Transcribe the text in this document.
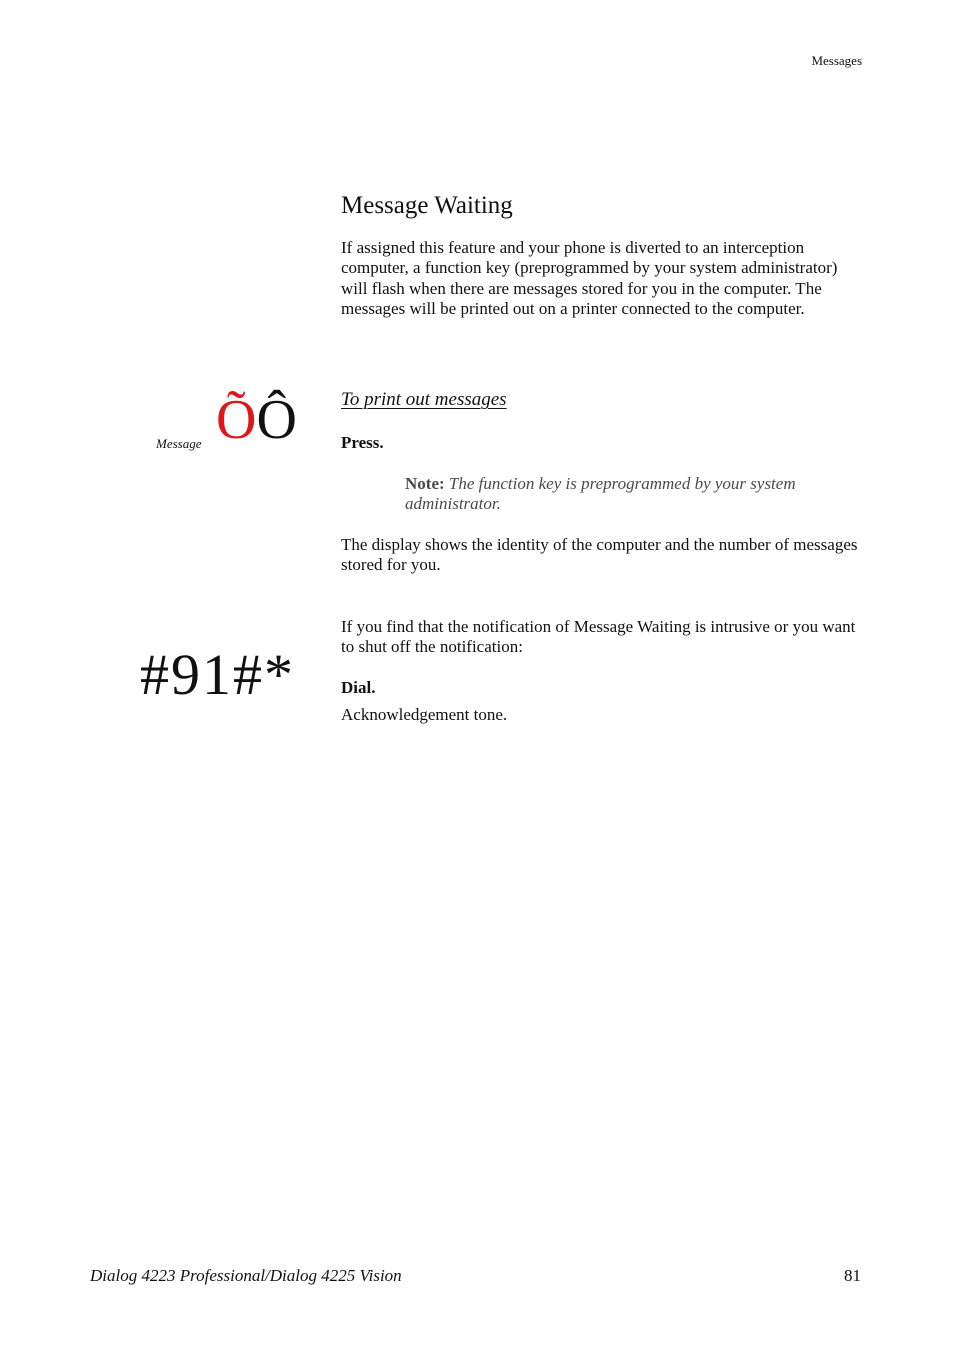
Messages
Message Waiting

If assigned this feature and your phone is diverted to an interception computer, a function key (preprogrammed by your system administrator) will flash when there are messages stored for you in the computer. The messages will be printed out on a printer connected to the computer.

To print out messages
Message ÕÔ	Press.
Note: The function key is preprogrammed by your system administrator.

The display shows the identity of the computer and the number of messages stored for you.

If you find that the notification of Message Waiting is intrusive or you want to shut off the notification:

#91#*	Dial.
Acknowledgement tone.
Dialog 4223 Professional/Dialog 4225 Vision	81
